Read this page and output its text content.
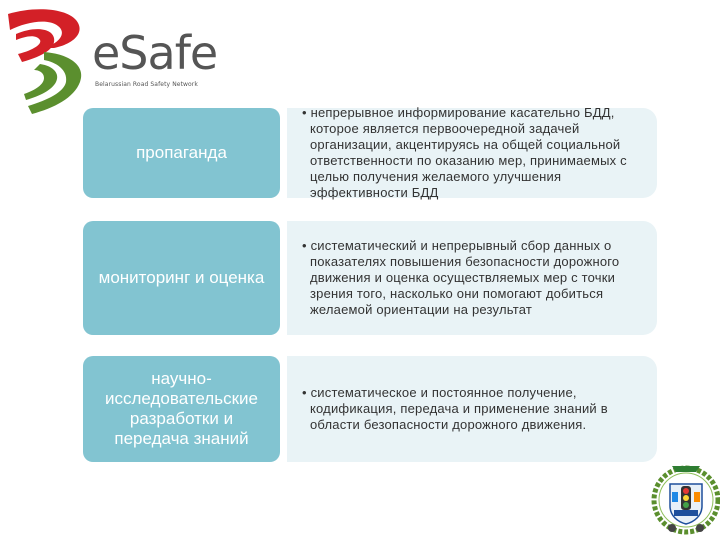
eSafe
Belarussian Road Safety Network
пропаганда
• непрерывное информирование касательно БДД, которое является первоочередной задачей организации, акцентируясь на общей социальной ответственности по оказанию мер, принимаемых с целью получения желаемого улучшения эффективности БДД
мониторинг и оценка
• систематический и непрерывный сбор данных о показателях повышения безопасности дорожного движения и оценка осуществляемых мер с точки зрения того, насколько они помогают добиться желаемой ориентации на результат
научно-исследовательские разработки и передача знаний
• систематическое и постоянное получение, кодификация, передача и применение знаний в области безопасности дорожного движения.
